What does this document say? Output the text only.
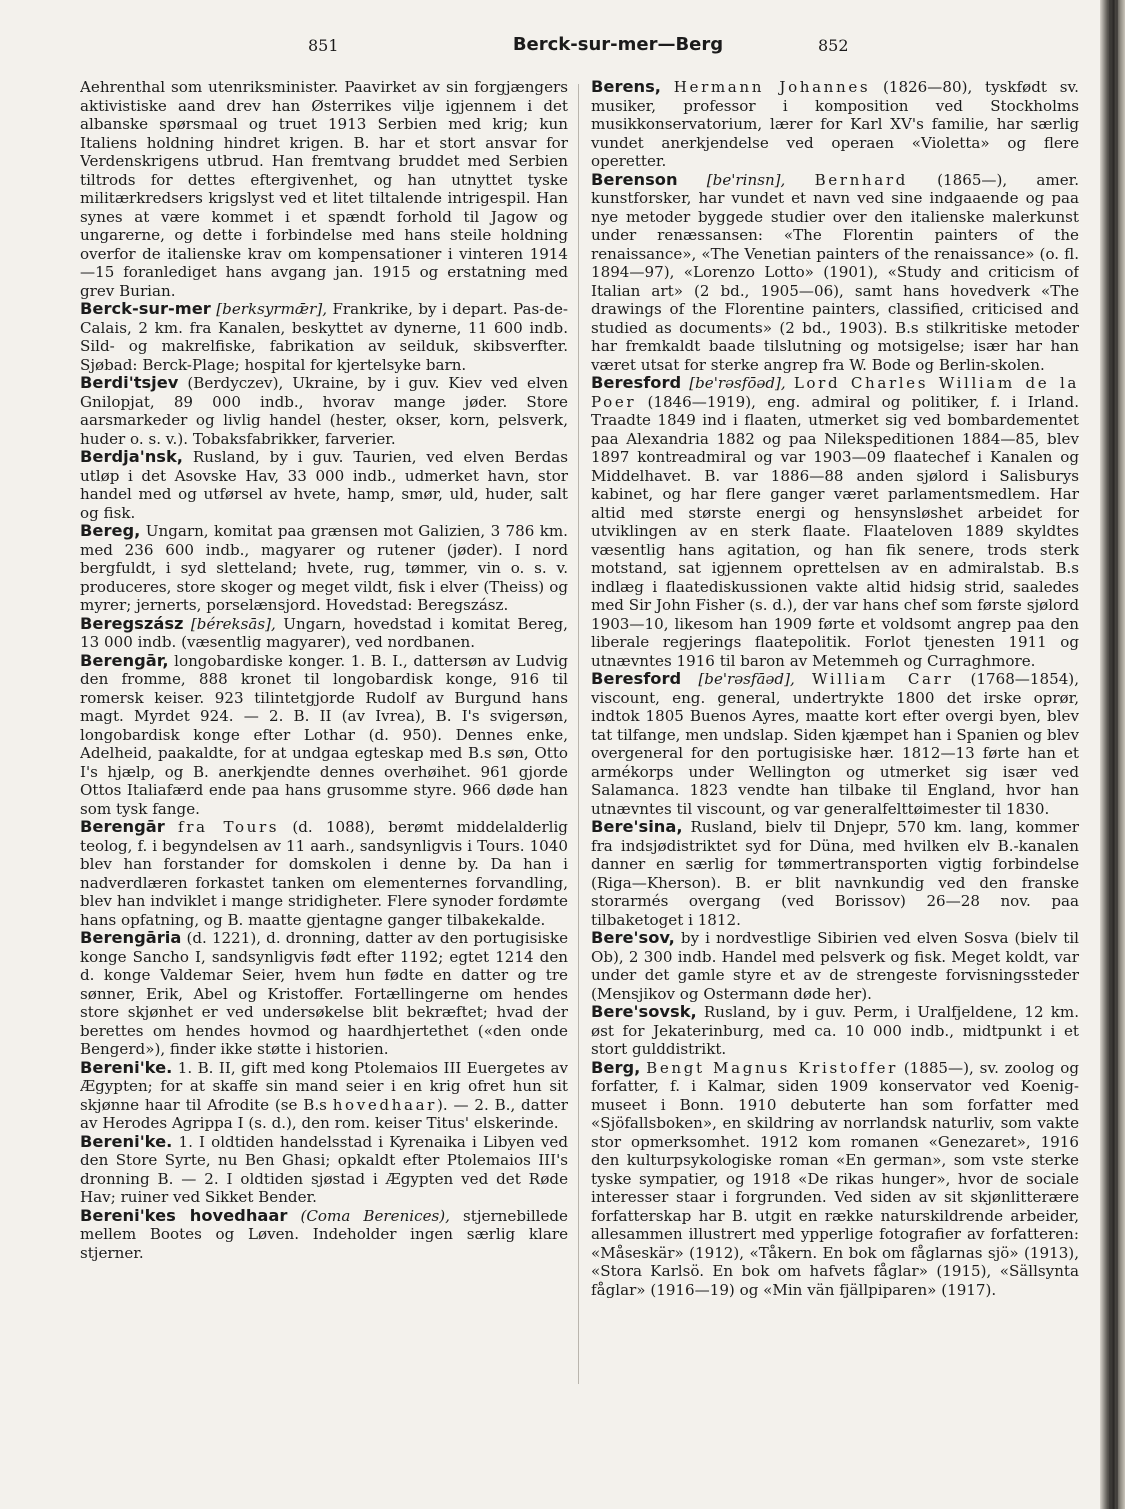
851	Berck-sur-mer—Berg	852

Aehrenthal som utenriksminister. Paavirket av sin forgjængers aktivistiske aand drev han Østerrikes vilje igjennem i det albanske spørsmaal og truet 1913 Serbien med krig; kun Italiens holdning hindret krigen. B. har et stort ansvar for Verdenskrigens utbrud. Han fremtvang bruddet med Serbien tiltrods for dettes eftergivenhet, og han utnyttet tyske militærkredsers krigslyst ved et litet tiltalende intrigespil. Han synes at være kommet i et spændt forhold til Jagow og ungarerne, og dette i forbindelse med hans steile holdning overfor de italienske krav om kompensationer i vinteren 1914—15 foranlediget hans avgang jan. 1915 og erstatning med grev Burian.

Berck-sur-mer [berksyrmǣr], Frankrike, by i depart. Pas-de-Calais, 2 km. fra Kanalen, beskyttet av dynerne, 11 600 indb. Sild- og makrelfiske, fabrikation av seilduk, skibsverfter. Sjøbad: Berck-Plage; hospital for kjertelsyke barn.

Berdi'tsjev (Berdyczev), Ukraine, by i guv. Kiev ved elven Gnilopjat, 89 000 indb., hvorav mange jøder. Store aarsmarkeder og livlig handel (hester, okser, korn, pelsverk, huder o. s. v.). Tobaksfabrikker, farverier.

Berdja'nsk, Rusland, by i guv. Taurien, ved elven Berdas utløp i det Asovske Hav, 33 000 indb., udmerket havn, stor handel med og utførsel av hvete, hamp, smør, uld, huder, salt og fisk.

Bereg, Ungarn, komitat paa grænsen mot Galizien, 3 786 km. med 236 600 indb., magyarer og rutener (jøder). I nord bergfuldt, i syd sletteland; hvete, rug, tømmer, vin o. s. v. produceres, store skoger og meget vildt, fisk i elver (Theiss) og myrer; jernerts, porselænsjord. Hovedstad: Beregszász.

Beregszász [béreksās], Ungarn, hovedstad i komitat Bereg, 13 000 indb. (væsentlig magyarer), ved nordbanen.

Berengār, longobardiske konger. 1. B. I., dattersøn av Ludvig den fromme, 888 kronet til longobardisk konge, 916 til romersk keiser. 923 tilintetgjorde Rudolf av Burgund hans magt. Myrdet 924. — 2. B. II (av Ivrea), B. I's svigersøn, longobardisk konge efter Lothar (d. 950). Dennes enke, Adelheid, paakaldte, for at undgaa egteskap med B.s søn, Otto I's hjælp, og B. anerkjendte dennes overhøihet. 961 gjorde Ottos Italiafærd ende paa hans grusomme styre. 966 døde han som tysk fange.

Berengār fra Tours (d. 1088), berømt middelalderlig teolog, f. i begyndelsen av 11 aarh., sandsynligvis i Tours. 1040 blev han forstander for domskolen i denne by. Da han i nadverdlæren forkastet tanken om elementernes forvandling, blev han indviklet i mange stridigheter. Flere synoder fordømte hans opfatning, og B. maatte gjentagne ganger tilbakekalde.

Berengāria (d. 1221), d. dronning, datter av den portugisiske konge Sancho I, sandsynligvis født efter 1192; egtet 1214 den d. konge Valdemar Seier, hvem hun fødte en datter og tre sønner, Erik, Abel og Kristoffer. Fortællingerne om hendes store skjønhet er ved undersøkelse blit bekræftet; hvad der berettes om hendes hovmod og haardhjertethet («den onde Bengerd»), finder ikke støtte i historien.

Bereni'ke. 1. B. II, gift med kong Ptolemaios III Euergetes av Ægypten; for at skaffe sin mand seier i en krig ofret hun sit skjønne haar til Afrodite (se B.s hovedhaar). — 2. B., datter av Herodes Agrippa I (s. d.), den rom. keiser Titus' elskerinde.

Bereni'ke. 1. I oldtiden handelsstad i Kyrenaika i Libyen ved den Store Syrte, nu Ben Ghasi; opkaldt efter Ptolemaios III's dronning B. — 2. I oldtiden sjøstad i Ægypten ved det Røde Hav; ruiner ved Sikket Bender.

Bereni'kes hovedhaar (Coma Berenices), stjernebillede mellem Bootes og Løven. Indeholder ingen særlig klare stjerner.

Berens, Hermann Johannes (1826—80), tyskfødt sv. musiker, professor i komposition ved Stockholms musikkonservatorium, lærer for Karl XV's familie, har særlig vundet anerkjendelse ved operaen «Violetta» og flere operetter.

Berenson [be'rinsn], Bernhard (1865—), amer. kunstforsker, har vundet et navn ved sine indgaaende og paa nye metoder byggede studier over den italienske malerkunst under renæssansen: «The Florentin painters of the renaissance», «The Venetian painters of the renaissance» (o. fl. 1894—97), «Lorenzo Lotto» (1901), «Study and criticism of Italian art» (2 bd., 1905—06), samt hans hovedverk «The drawings of the Florentine painters, classified, criticised and studied as documents» (2 bd., 1903). B.s stilkritiske metoder har fremkaldt baade tilslutning og motsigelse; især har han været utsat for sterke angrep fra W. Bode og Berlin-skolen.

Beresford [be'rəsfōəd], Lord Charles William de la Poer (1846—1919), eng. admiral og politiker, f. i Irland. Traadte 1849 ind i flaaten, utmerket sig ved bombardementet paa Alexandria 1882 og paa Nilekspeditionen 1884—85, blev 1897 kontreadmiral og var 1903—09 flaatechef i Kanalen og Middelhavet. B. var 1886—88 anden sjølord i Salisburys kabinet, og har flere ganger været parlamentsmedlem. Har altid med største energi og hensynsløshet arbeidet for utviklingen av en sterk flaate. Flaateloven 1889 skyldtes væsentlig hans agitation, og han fik senere, trods sterk motstand, sat igjennem oprettelsen av en admiralstab. B.s indlæg i flaatediskussionen vakte altid hidsig strid, saaledes med Sir John Fisher (s. d.), der var hans chef som første sjølord 1903—10, likesom han 1909 førte et voldsomt angrep paa den liberale regjerings flaatepolitik. Forlot tjenesten 1911 og utnævntes 1916 til baron av Metemmeh og Curraghmore.

Beresford [be'rəsfāəd], William Carr (1768—1854), viscount, eng. general, undertrykte 1800 det irske oprør, indtok 1805 Buenos Ayres, maatte kort efter overgi byen, blev tat tilfange, men undslap. Siden kjæmpet han i Spanien og blev overgeneral for den portugisiske hær. 1812—13 førte han et armékorps under Wellington og utmerket sig især ved Salamanca. 1823 vendte han tilbake til England, hvor han utnævntes til viscount, og var generalfelttøimester til 1830.

Bere'sina, Rusland, bielv til Dnjepr, 570 km. lang, kommer fra indsjødistriktet syd for Düna, med hvilken elv B.-kanalen danner en særlig for tømmertransporten vigtig forbindelse (Riga—Kherson). B. er blit navnkundig ved den franske storarmés overgang (ved Borissov) 26—28 nov. paa tilbaketoget i 1812.

Bere'sov, by i nordvestlige Sibirien ved elven Sosva (bielv til Ob), 2 300 indb. Handel med pelsverk og fisk. Meget koldt, var under det gamle styre et av de strengeste forvisningssteder (Mensjikov og Ostermann døde her).

Bere'sovsk, Rusland, by i guv. Perm, i Uralfjeldene, 12 km. øst for Jekaterinburg, med ca. 10 000 indb., midtpunkt i et stort gulddistrikt.

Berg, Bengt Magnus Kristoffer (1885—), sv. zoolog og forfatter, f. i Kalmar, siden 1909 konservator ved Koenig-museet i Bonn. 1910 debuterte han som forfatter med «Sjöfallsboken», en skildring av norrlandsk naturliv, som vakte stor opmerksomhet. 1912 kom romanen «Genezaret», 1916 den kulturpsykologiske roman «En german», som vste sterke tyske sympatier, og 1918 «De rikas hunger», hvor de sociale interesser staar i forgrunden. Ved siden av sit skjønlitterære forfatterskap har B. utgit en række naturskildrende arbeider, allesammen illustrert med ypperlige fotografier av forfatteren: «Måseskär» (1912), «Tåkern. En bok om fåglarnas sjö» (1913), «Stora Karlsö. En bok om hafvets fåglar» (1915), «Sällsynta fåglar» (1916—19) og «Min vän fjällpiparen» (1917).
